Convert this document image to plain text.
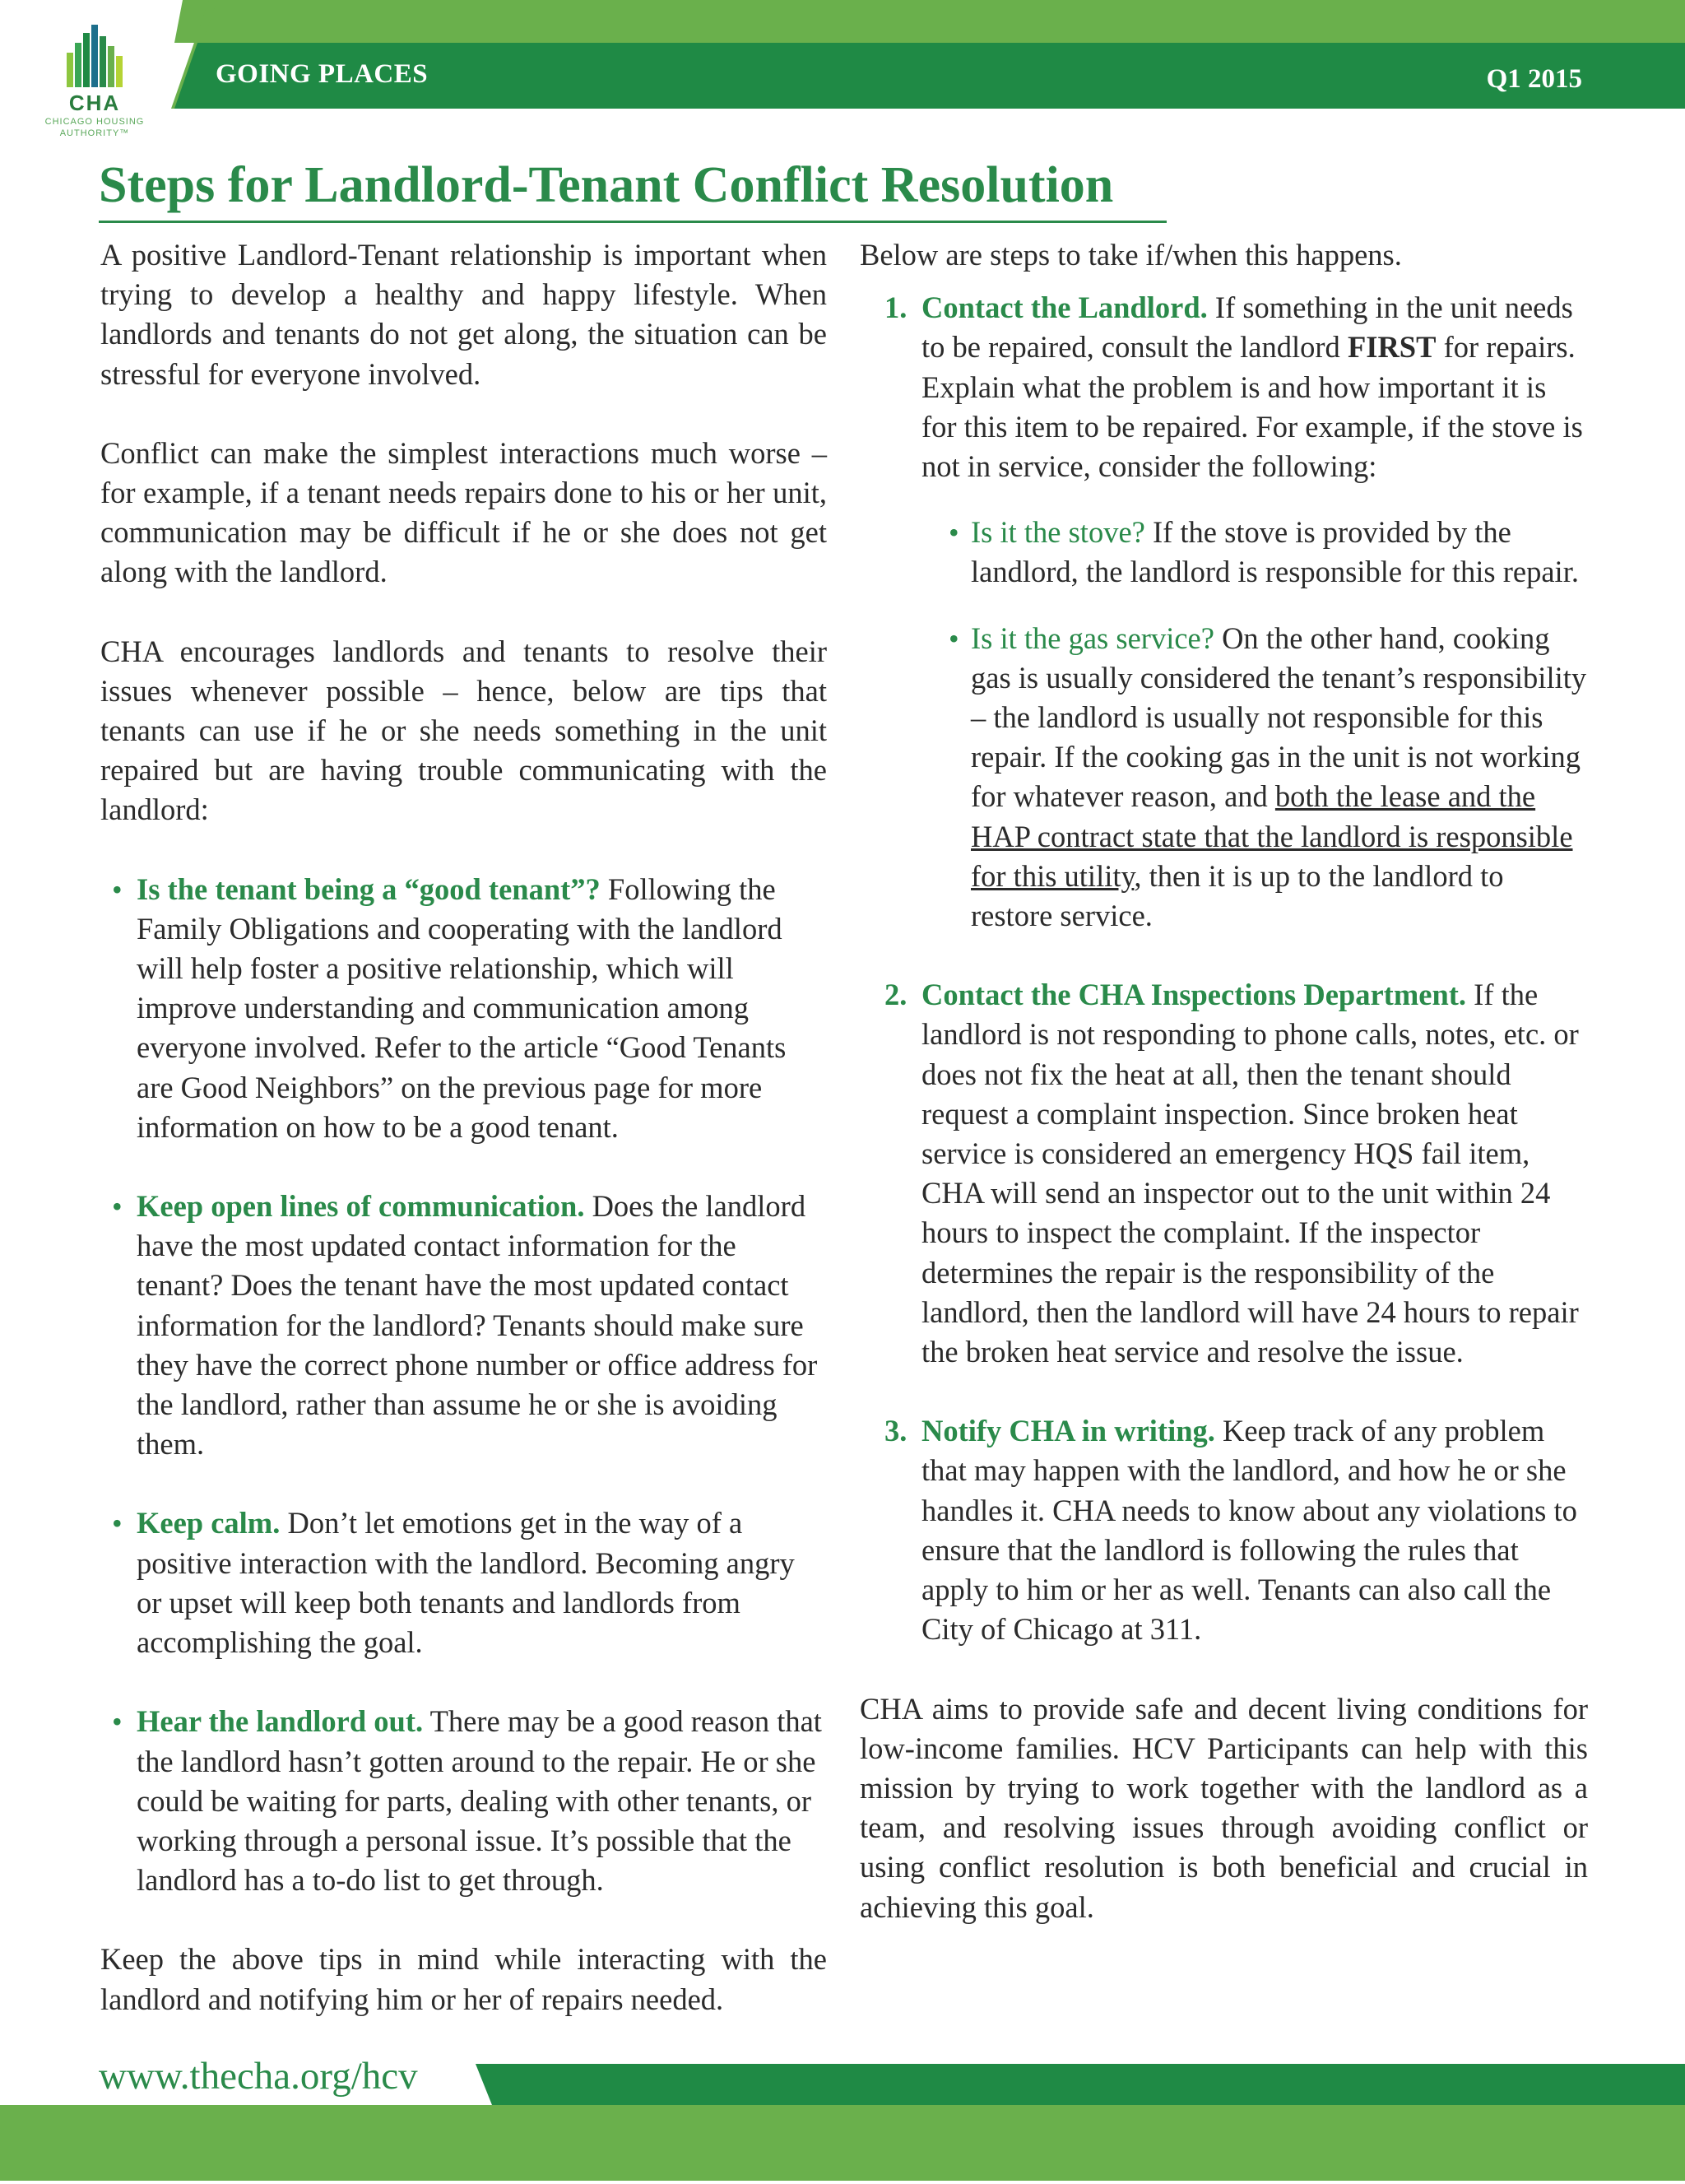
CHA
CHICAGO HOUSING AUTHORITY™
GOING PLACES	Q1 2015
Steps for Landlord-Tenant Conflict Resolution

A positive Landlord-Tenant relationship is important when trying to develop a healthy and happy lifestyle. When landlords and tenants do not get along, the situation can be stressful for everyone involved.

Conflict can make the simplest interactions much worse – for example, if a tenant needs repairs done to his or her unit, communication may be difficult if he or she does not get along with the landlord.

CHA encourages landlords and tenants to resolve their issues whenever possible – hence, below are tips that tenants can use if he or she needs something in the unit repaired but are having trouble communicating with the landlord:

• Is the tenant being a “good tenant”? Following the Family Obligations and cooperating with the landlord will help foster a positive relationship, which will improve understanding and communication among everyone involved. Refer to the article “Good Tenants are Good Neighbors” on the previous page for more information on how to be a good tenant.
• Keep open lines of communication. Does the landlord have the most updated contact information for the tenant? Does the tenant have the most updated contact information for the landlord? Tenants should make sure they have the correct phone number or office address for the landlord, rather than assume he or she is avoiding them.
• Keep calm. Don’t let emotions get in the way of a positive interaction with the landlord. Becoming angry or upset will keep both tenants and landlords from accomplishing the goal.
• Hear the landlord out. There may be a good reason that the landlord hasn’t gotten around to the repair. He or she could be waiting for parts, dealing with other tenants, or working through a personal issue. It’s possible that the landlord has a to-do list to get through.

Keep the above tips in mind while interacting with the landlord and notifying him or her of repairs needed.

Below are steps to take if/when this happens.

1. Contact the Landlord. If something in the unit needs to be repaired, consult the landlord FIRST for repairs. Explain what the problem is and how important it is for this item to be repaired. For example, if the stove is not in service, consider the following:
• Is it the stove? If the stove is provided by the landlord, the landlord is responsible for this repair.
• Is it the gas service? On the other hand, cooking gas is usually considered the tenant’s responsibility – the landlord is usually not responsible for this repair. If the cooking gas in the unit is not working for whatever reason, and both the lease and the HAP contract state that the landlord is responsible for this utility, then it is up to the landlord to restore service.
2. Contact the CHA Inspections Department. If the landlord is not responding to phone calls, notes, etc. or does not fix the heat at all, then the tenant should request a complaint inspection. Since broken heat service is considered an emergency HQS fail item, CHA will send an inspector out to the unit within 24 hours to inspect the complaint. If the inspector determines the repair is the responsibility of the landlord, then the landlord will have 24 hours to repair the broken heat service and resolve the issue.
3. Notify CHA in writing. Keep track of any problem that may happen with the landlord, and how he or she handles it. CHA needs to know about any violations to ensure that the landlord is following the rules that apply to him or her as well. Tenants can also call the City of Chicago at 311.

CHA aims to provide safe and decent living conditions for low-income families. HCV Participants can help with this mission by trying to work together with the landlord as a team, and resolving issues through avoiding conflict or using conflict resolution is both beneficial and crucial in achieving this goal.

www.thecha.org/hcv
